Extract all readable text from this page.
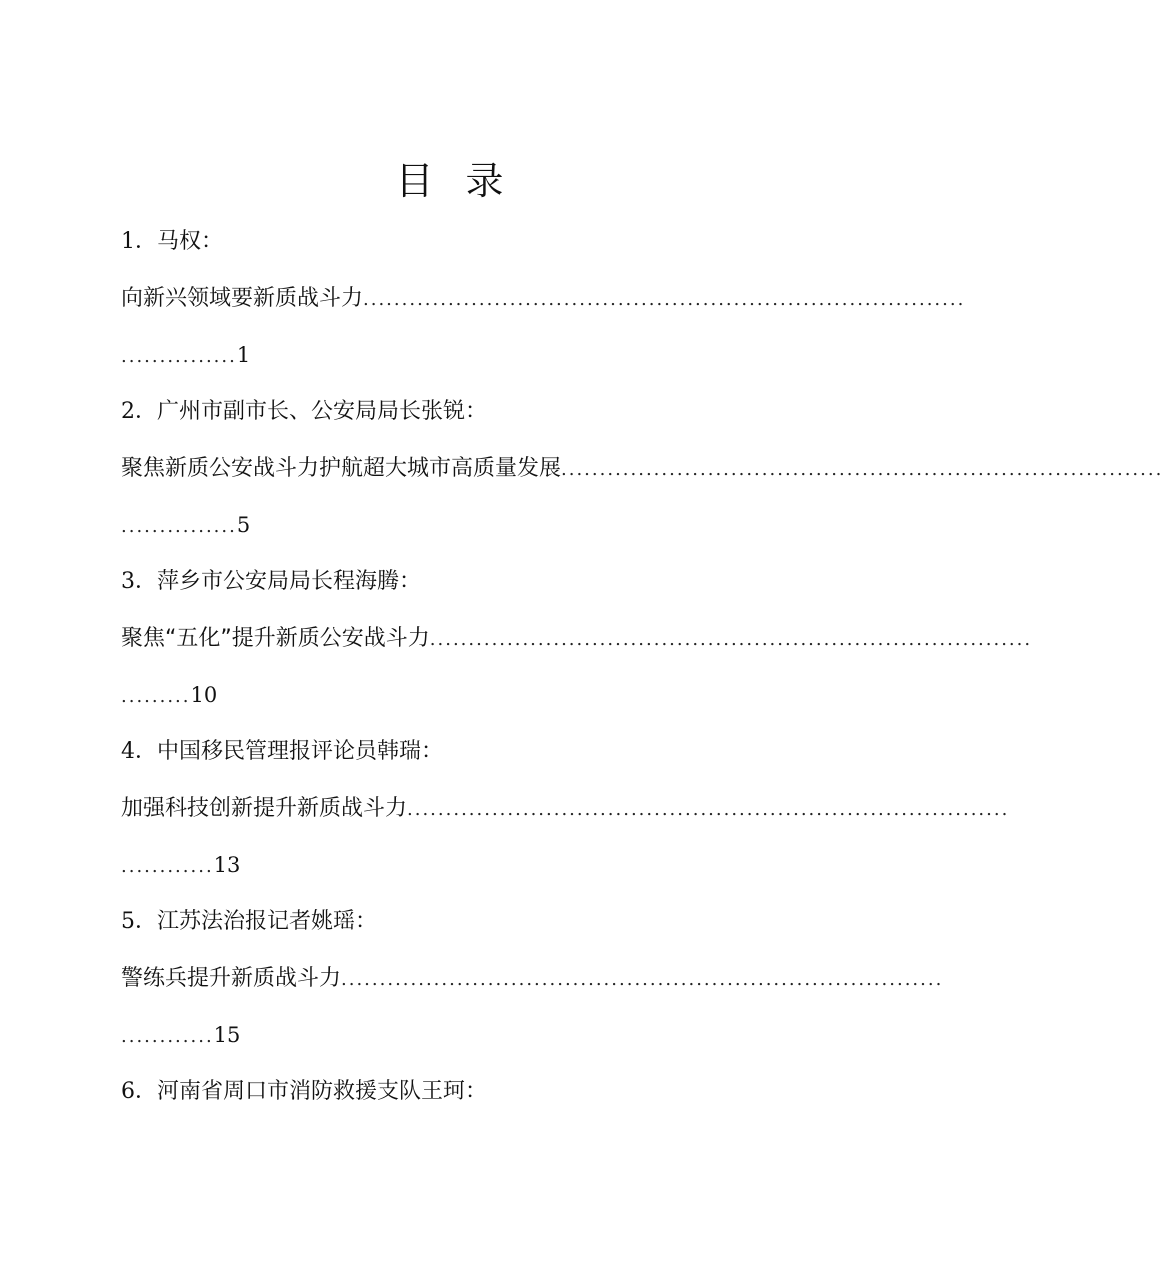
目 录
1．马权：
向新兴领域要新质战斗力 ..............................................................................
...............1
2．广州市副市长、公安局局长张锐：
聚焦新质公安战斗力护航超大城市高质量发展 ..............................................................................
...............5
3．萍乡市公安局局长程海腾：
聚焦“五化”提升新质公安战斗力 ..............................................................................
.........10
4．中国移民管理报评论员韩瑞：
加强科技创新提升新质战斗力 ..............................................................................
............13
5．江苏法治报记者姚瑶：
警练兵提升新质战斗力 ..............................................................................
............15
6．河南省周口市消防救援支队王珂：
